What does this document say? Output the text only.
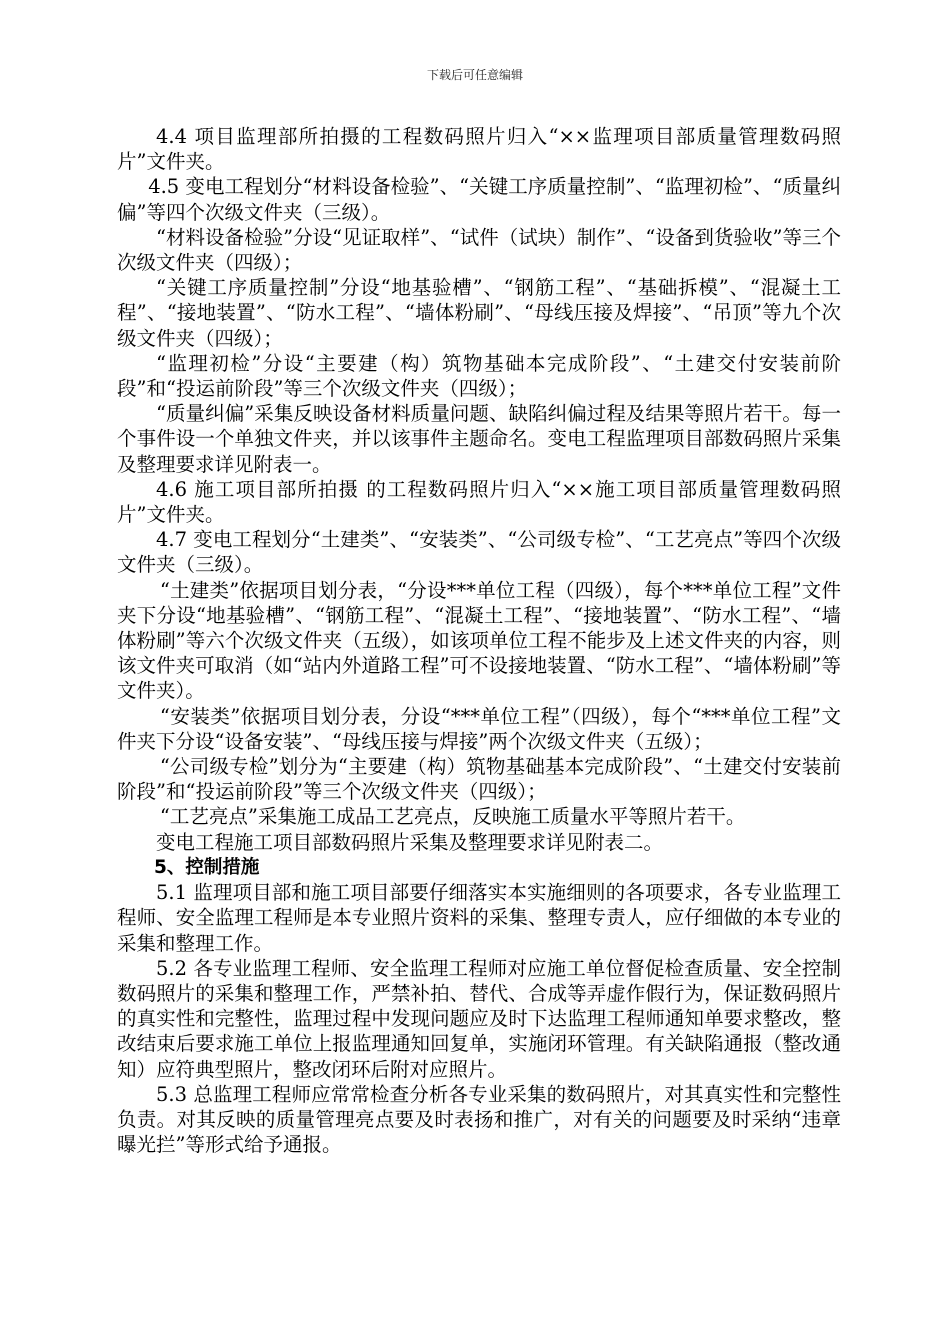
下载后可任意编辑

4.4 项目监理部所拍摄的工程数码照片归入“××监理项目部质量管理数码照片”文件夹。

4.5 变电工程划分“材料设备检验”、“关键工序质量控制”、“监理初检”、“质量纠偏”等四个次级文件夹（三级）。

“材料设备检验”分设“见证取样”、“试件（试块）制作”、“设备到货验收”等三个次级文件夹（四级）；

“关键工序质量控制”分设“地基验槽”、“钢筋工程”、“基础拆模”、“混凝土工程”、“接地装置”、“防水工程”、“墙体粉刷”、“母线压接及焊接”、“吊顶”等九个次级文件夹（四级）；

“监理初检”分设“主要建（构）筑物基础本完成阶段”、“土建交付安装前阶段”和“投运前阶段”等三个次级文件夹（四级）；

“质量纠偏”采集反映设备材料质量问题、缺陷纠偏过程及结果等照片若干。每一个事件设一个单独文件夹，并以该事件主题命名。变电工程监理项目部数码照片采集及整理要求详见附表一。

4.6 施工项目部所拍摄 的工程数码照片归入“××施工项目部质量管理数码照片”文件夹。

4.7 变电工程划分“土建类”、“安装类”、“公司级专检”、“工艺亮点”等四个次级文件夹（三级）。

“土建类”依据项目划分表，“分设***单位工程（四级），每个***单位工程”文件夹下分设“地基验槽”、“钢筋工程”、“混凝土工程”、“接地装置”、“防水工程”、“墙体粉刷”等六个次级文件夹（五级），如该项单位工程不能步及上述文件夹的内容，则该文件夹可取消（如“站内外道路工程”可不设接地装置、“防水工程”、“墙体粉刷”等文件夹）。

“安装类”依据项目划分表，分设“***单位工程”（四级），每个“***单位工程”文件夹下分设“设备安装”、“母线压接与焊接”两个次级文件夹（五级）；

“公司级专检”划分为“主要建（构）筑物基础基本完成阶段”、“土建交付安装前阶段”和“投运前阶段”等三个次级文件夹（四级）；

“工艺亮点”采集施工成品工艺亮点，反映施工质量水平等照片若干。

变电工程施工项目部数码照片采集及整理要求详见附表二。

5、控制措施

5.1 监理项目部和施工项目部要仔细落实本实施细则的各项要求，各专业监理工程师、安全监理工程师是本专业照片资料的采集、整理专责人，应仔细做的本专业的采集和整理工作。

5.2 各专业监理工程师、安全监理工程师对应施工单位督促检查质量、安全控制数码照片的采集和整理工作，严禁补拍、替代、合成等弄虚作假行为，保证数码照片的真实性和完整性，监理过程中发现问题应及时下达监理工程师通知单要求整改，整改结束后要求施工单位上报监理通知回复单，实施闭环管理。有关缺陷通报（整改通知）应符典型照片，整改闭环后附对应照片。

5.3 总监理工程师应常常检查分析各专业采集的数码照片，对其真实性和完整性负责。对其反映的质量管理亮点要及时表扬和推广，对有关的问题要及时采纳“违章曝光拦”等形式给予通报。
